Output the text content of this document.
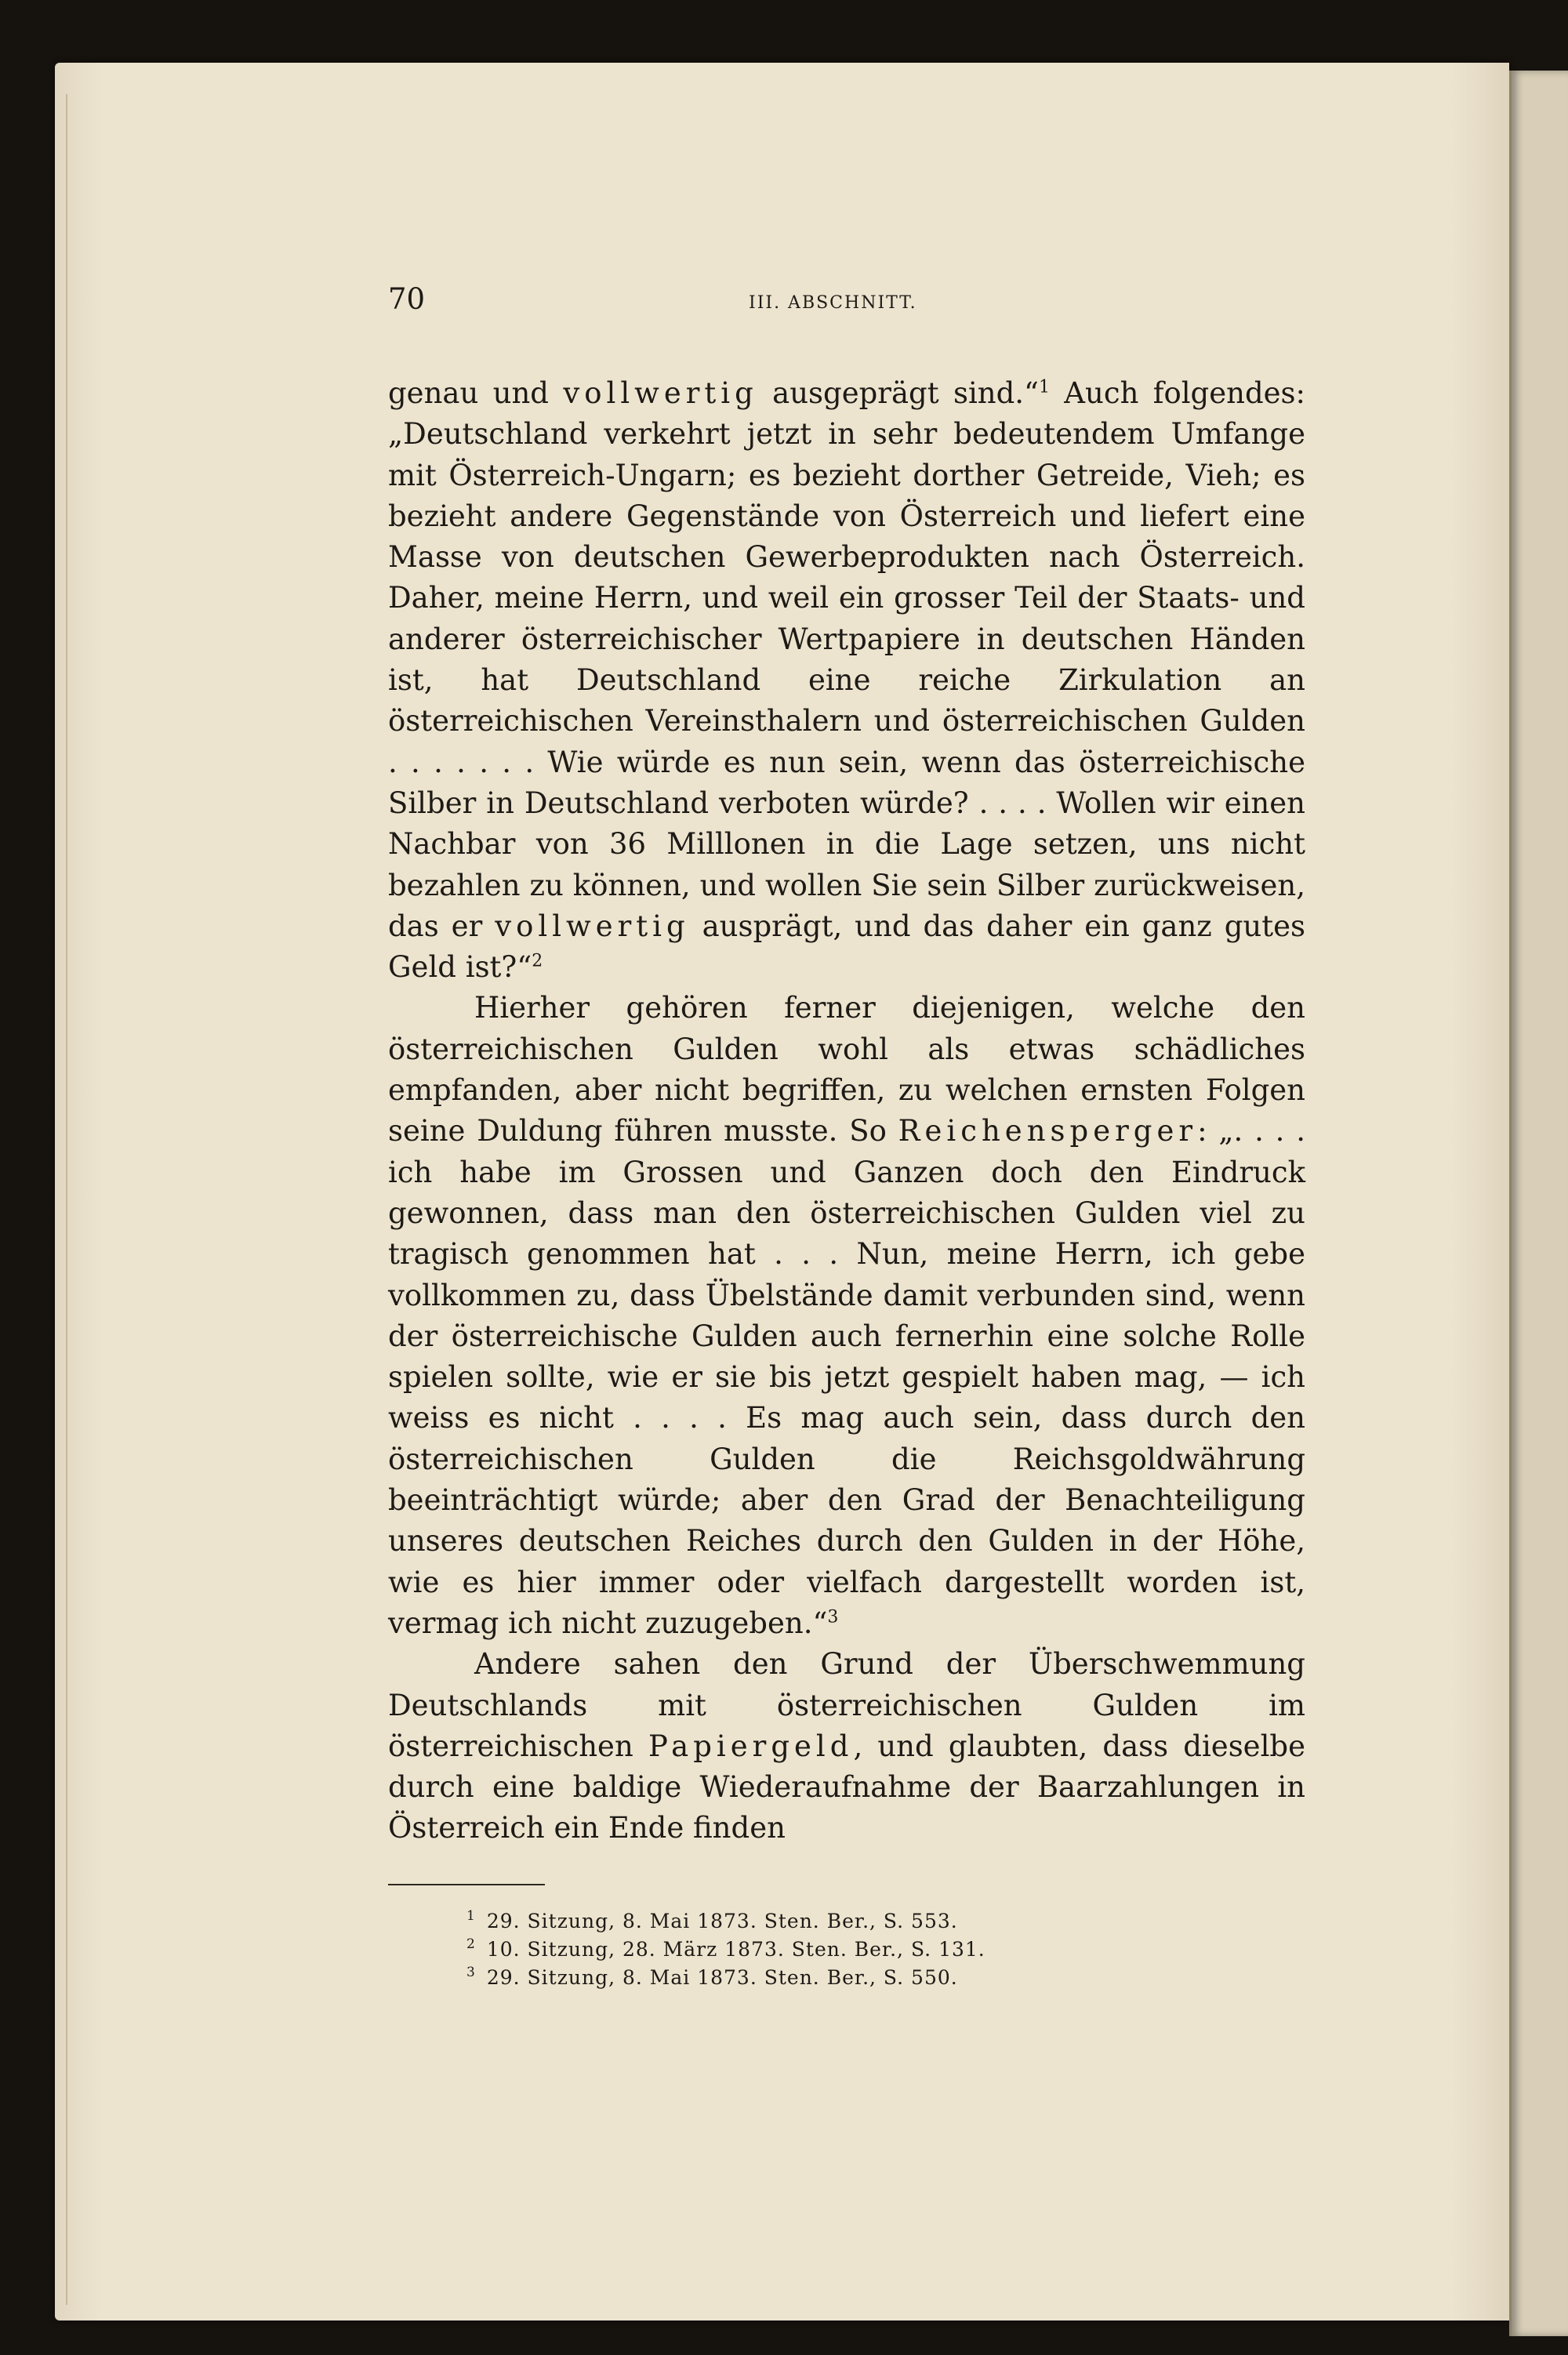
70	III. ABSCHNITT.

genau und vollwertig ausgeprägt sind.“$^1$ Auch folgendes: „Deutschland verkehrt jetzt in sehr bedeutendem Umfange mit Österreich-Ungarn; es bezieht dorther Getreide, Vieh; es bezieht andere Gegenstände von Österreich und liefert eine Masse von deutschen Gewerbeprodukten nach Österreich. Daher, meine Herrn, und weil ein grosser Teil der Staats- und anderer österreichischer Wertpapiere in deutschen Händen ist, hat Deutschland eine reiche Zirkulation an österreichischen Vereinsthalern und österreichischen Gulden . . . . . . . Wie würde es nun sein, wenn das österreichische Silber in Deutschland verboten würde? . . . . Wollen wir einen Nachbar von 36 Milllonen in die Lage setzen, uns nicht bezahlen zu können, und wollen Sie sein Silber zurückweisen, das er vollwertig ausprägt, und das daher ein ganz gutes Geld ist?“$^2$

Hierher gehören ferner diejenigen, welche den österreichischen Gulden wohl als etwas schädliches empfanden, aber nicht begriffen, zu welchen ernsten Folgen seine Duldung führen musste. So Reichensperger: „. . . . ich habe im Grossen und Ganzen doch den Eindruck gewonnen, dass man den österreichischen Gulden viel zu tragisch genommen hat . . . Nun, meine Herrn, ich gebe vollkommen zu, dass Übelstände damit verbunden sind, wenn der österreichische Gulden auch fernerhin eine solche Rolle spielen sollte, wie er sie bis jetzt gespielt haben mag, — ich weiss es nicht . . . . Es mag auch sein, dass durch den österreichischen Gulden die Reichsgoldwährung beeinträchtigt würde; aber den Grad der Benachteiligung unseres deutschen Reiches durch den Gulden in der Höhe, wie es hier immer oder vielfach dargestellt worden ist, vermag ich nicht zuzugeben.“$^3$

Andere sahen den Grund der Überschwemmung Deutschlands mit österreichischen Gulden im österreichischen Papiergeld, und glaubten, dass dieselbe durch eine baldige Wiederaufnahme der Baarzahlungen in Österreich ein Ende finden

$^1$ 29. Sitzung, 8. Mai 1873. Sten. Ber., S. 553.
$^2$ 10. Sitzung, 28. März 1873. Sten. Ber., S. 131.
$^3$ 29. Sitzung, 8. Mai 1873. Sten. Ber., S. 550.
